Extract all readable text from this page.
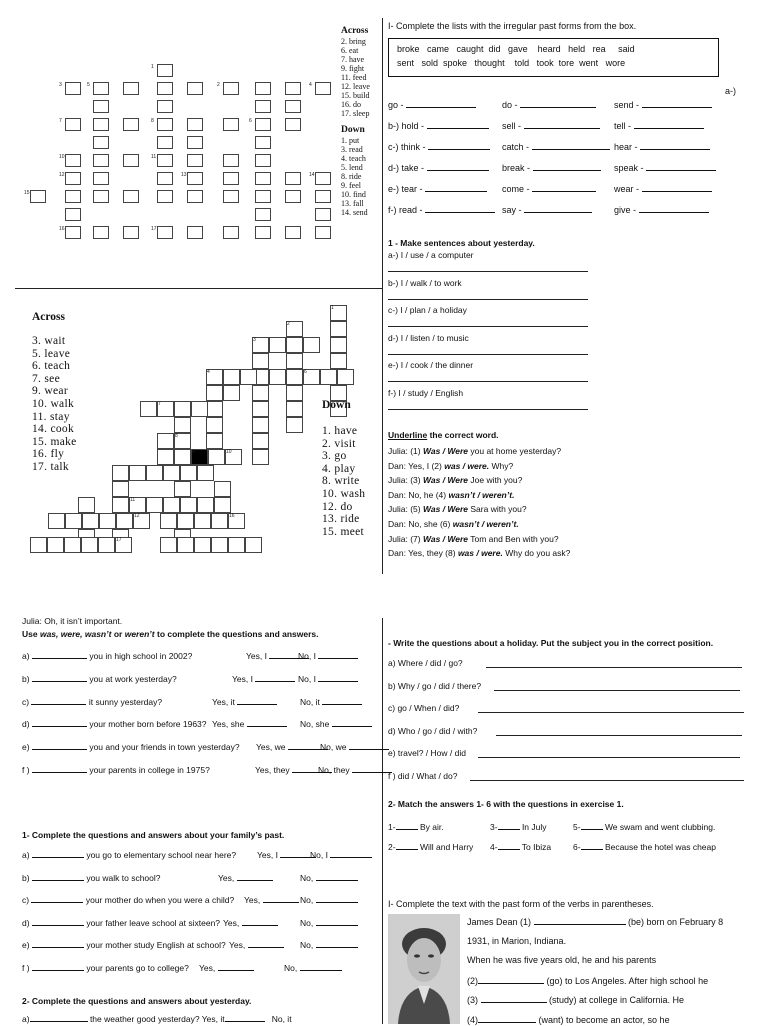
1
3	5	2	4
7	8	6
10	11
12	13	14
15
16	17
Across
2. bring
6. eat
7. have
9. fight
11. feed
12. leave
15. build
16. do
17. sleep
Down
1. put
3. read
4. teach
5. lend
8. ride
9. feel
10. find
13. fall
14. send
Across
3. wait
5. leave
6. teach
7. see
9. wear
10. walk
11. stay
14. cook
15. make
16. fly
17. talk
1
2
3
4	6
7
8
9	10
11
12	16
17
Down
1. have
2. visit
3. go
4. play
8. write
10. wash
12. do
13. ride
15. meet
I- Complete the lists with the irregular past forms from the box.
broke   came   caught  did   gave    heard   held   rea     said
sent   sold  spoke   thought    told   took  tore  went   wore
a-)
go -	do -	send -
b-) hold -	sell -	tell -
c-) think -	catch -	hear -
d-) take -	break -	speak -
e-) tear -	come -	wear -
f-) read -	say -	give -
1 - Make sentences about yesterday.
a-) I / use / a computer
b-) I / walk / to work
c-) I / plan / a holiday
d-) I / listen / to music
e-) I / cook / the dinner
f-) I / study / English
Underline the correct word.
Julia: (1) Was / Were you at home yesterday?
Dan: Yes, I (2) was / were. Why?
Julia: (3) Was / Were Joe with you?
Dan: No, he (4) wasn’t / weren’t.
Julia: (5) Was / Were Sara with you?
Dan: No, she (6) wasn’t / weren’t.
Julia: (7) Was / Were Tom and Ben with you?
Dan: Yes, they (8) was / were. Why do you ask?
Julia: Oh, it isn’t important.
Use was, were, wasn’t or weren’t to complete the questions and answers.
a)	you in high school in 2002?	Yes, I	No, I
b)	you at work yesterday?	Yes, I	No, I
c)	it sunny yesterday?	Yes, it	No, it
d)	your mother born before 1963? Yes, she	No, she
e)	you and your friends in town yesterday? Yes, we	No, we
f )	your parents in college in 1975?	Yes, they	No, they
1- Complete the questions and answers about your family’s past.
a)	you go to elementary school near here? Yes, I	No, I
b)	you walk to school?	Yes,	No,
c)	your mother do when you were a child? Yes,	No,
d)	your father leave school at sixteen? Yes,	No,
e)	your mother study English at school? Yes,	No,
f )	your parents go to college? Yes,	No,
2- Complete the questions and answers about yesterday.
a)	the weather good yesterday? Yes, it	No, it
- Write the questions about a holiday. Put the subject you in the correct position.
a) Where / did / go?
b) Why / go / did / there?
c) go / When / did?
d) Who / go / did / with?
e) travel? / How / did
f ) did / What / do?
2- Match the answers 1- 6 with the questions in exercise 1.
1-	By air.	3-	In July	5-	We swam and went clubbing.
2-	Will and Harry 4-	To Ibiza	6-	Because the hotel was cheap
I- Complete the text with the past form of the verbs in parentheses.
James Dean (1)	(be) born on February 8
1931, in Marion, Indiana.
When he was five years old, he and his parents
(2)	(go) to Los Angeles. After high school he
(3)	(study) at college in California. He
(4)	(want) to become an actor, so he
